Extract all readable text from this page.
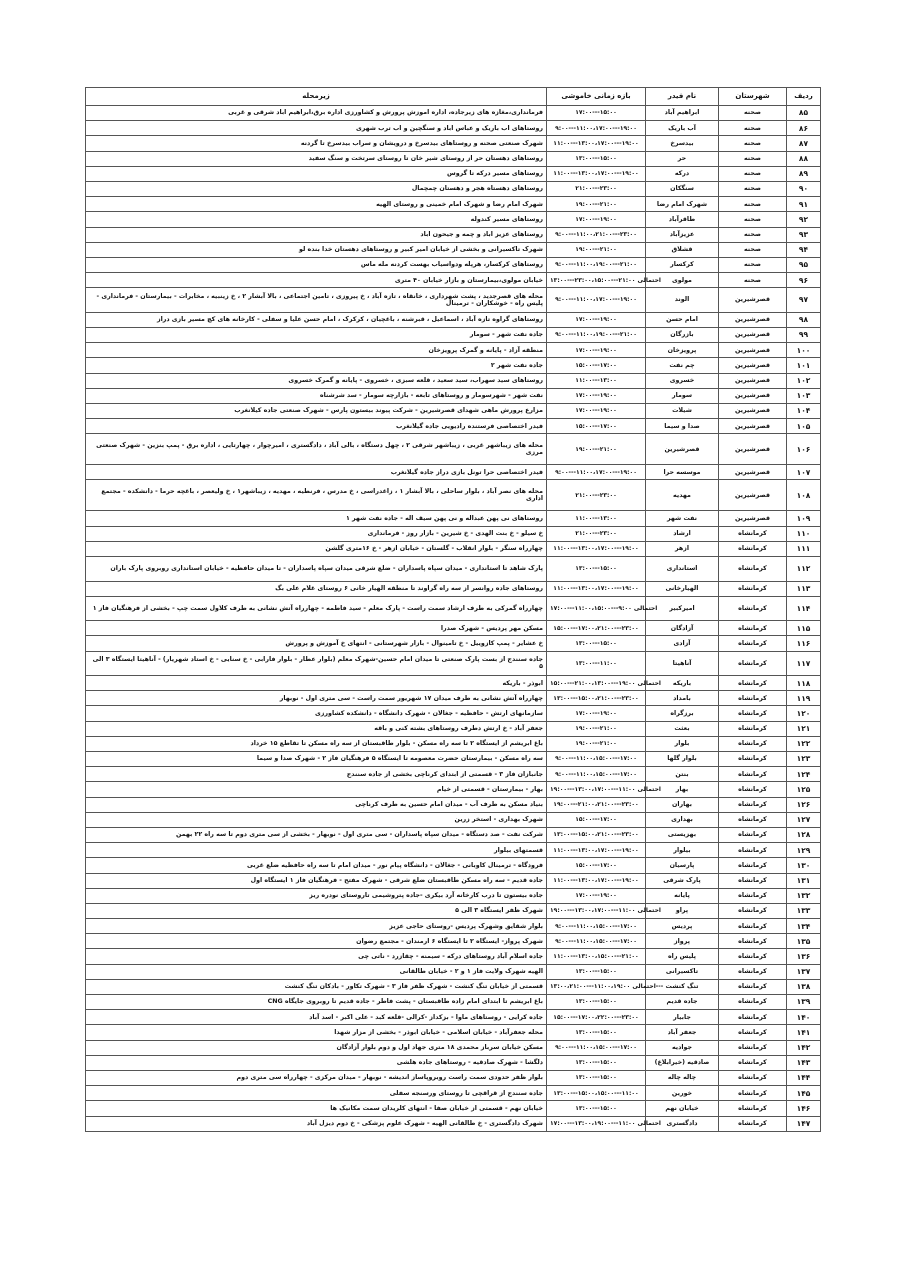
ردیف	شهرستان	نام فیدر	بازه زمانی خاموشی	زیرمحله
۸۵	صحنه	ابراهیم آباد	۱۷:۰۰---۱۵:۰۰	فرمانداری،مغازه های زیرجاده، اداره اموزش پرورش و کشاورزی اداره برق،ابراهیم اباد شرقی و غربی
۸۶	صحنه	آب باریک	۹:۰۰---۱۱:۰۰،۱۷:۰۰---۱۹:۰۰	روستاهای اب باریک و عباس اباد و سنگچین و اب ترب شهری
۸۷	صحنه	بیدسرخ	۱۱:۰۰---۱۳:۰۰،۱۷:۰۰---۱۹:۰۰	شهرک صنعتی صحنه و روستاهای بیدسرخ و درویشان و سراب بیدسرخ تا گردنه
۸۸	صحنه	حر	۱۳:۰۰---۱۵:۰۰	روستاهای دهستان حر از روستای شیر خان تا روستای سرتخت و سنگ سفید
۸۹	صحنه	درکه	۱۱:۰۰---۱۳:۰۰،۱۷:۰۰---۱۹:۰۰	روستاهای مسیر درکه تا گروس
۹۰	صحنه	سنگکان	۲۱:۰۰---۲۳:۰۰	روستاهای دهستاه هجر و دهستان چمچمال
۹۱	صحنه	شهرک امام رضا	۱۹:۰۰---۲۱:۰۰	شهرک امام رضا و شهرک امام خمینی و روستای الهیه
۹۲	صحنه	طاقرآباد	۱۷:۰۰---۱۹:۰۰	روستاهای مسیر کندوله
۹۳	صحنه	عزیزآباد	۹:۰۰---۱۱:۰۰،۲۱:۰۰---۲۳:۰۰	روستاهای عزیز اباد و چمه و جیحون اباد
۹۴	صحنه	قشلاق	۱۹:۰۰---۲۱:۰۰	شهرک تاکسیرانی و بخشی از خیابان امیر کبیر و روستاهای دهستان خدا بنده لو
۹۵	صحنه	کرکسار	۹:۰۰---۱۱:۰۰،۱۹:۰۰---۲۱:۰۰	روستاهای کرکسار، هرپله ودواسیاب بهست کردنه مله ماس
۹۶	صحنه	مولوی	احتمالی ۲۱:۰۰---۲۳:۰۰،۱۵:۰۰---۱۳:۰۰	خیابان مولوی،بیمارستان و بازار خیابان ۴۰ متری
۹۷	قصرشیرین	الوند	۹:۰۰---۱۱:۰۰،۱۷:۰۰---۱۹:۰۰	محله های قصرجدید ، پشت شهرداری ، خانقاه ، تازه آباد ، خ پیروزی ، تامین اجتماعی ، بالا آبشار ۲ ، خ زینبیه ، مخابرات - بیمارستان - فرمانداری - پلیس راه - خوشکاران - ترمینال
۹۸	قصرشیرین	امام حسن	۱۷:۰۰---۱۹:۰۰	روستاهای گراوه تازه آباد ، اسماعیل ، قبرشنه ، باغچیان ، کرکرک ، امام حسن علیا و سفلی - کارخانه های کچ مسیر بازی دراز
۹۹	قصرشیرین	بازرگان	۹:۰۰---۱۱:۰۰،۱۹:۰۰---۲۱:۰۰	جاده نفت شهر - سومار
۱۰۰	قصرشیرین	پرویزخان	۱۷:۰۰---۱۹:۰۰	منطقه آزاد - پایانه و گمرک پرویزخان
۱۰۱	قصرشیرین	چم نفت	۱۵:۰۰---۱۷:۰۰	جاده نفت شهر ۲
۱۰۲	قصرشیرین	خسروی	۱۱:۰۰---۱۳:۰۰	روستاهای سید سهراب، سید سعید ، قلعه سبزی ، خسروی - پایانه و گمرک خسروی
۱۰۳	قصرشیرین	سومار	۱۷:۰۰---۱۹:۰۰	نفت شهر - شهرسومار و روستاهای تابعه - بازارچه سومار - سد شرشناه
۱۰۴	قصرشیرین	شیلات	۱۷:۰۰---۱۹:۰۰	مزارع پرورش ماهی شهدای قصرشیرین - شرکت پیوند بیستون پارس - شهرک صنعتی جاده کیلانغرب
۱۰۵	قصرشیرین	صدا و سیما	۱۵:۰۰---۱۷:۰۰	فیدر اختصاصی فرستنده رادیویی جاده گیلانغرب
۱۰۶	قصرشیرین	قصرشیرین	۱۹:۰۰---۲۱:۰۰	محله های زیباشهر غربی ، زیباشهر شرقی ۲ ، چهل دستگاه ، بالی آباد ، دادگستری ، امیرچوار ، چهارتایی ، اداره برق - پمپ بنزین - شهرک صنعتی مرزی
۱۰۷	قصرشیرین	موسسه حرا	۹:۰۰---۱۱:۰۰،۱۷:۰۰---۱۹:۰۰	فیدر اختصاصی حرا تونل بازی دراز جاده گیلانغرب
۱۰۸	قصرشیرین	مهدیه	۲۱:۰۰---۲۳:۰۰	محله های نصر آباد ، بلوار ساحلی ، بالا آبشار ۱ ، زاغدراسی ، خ مدرس ، فرنطیه ، مهدیه ، زیباشهر۱ ، خ ولیعصر ، باغچه حرما - دانشکده - مجتمع اداری
۱۰۹	قصرشیرین	نفت شهر	۱۱:۰۰---۱۳:۰۰	روستاهای نی پهن عبداله و نی پهن سیف اله - جاده نفت شهر ۱
۱۱۰	کرمانشاه	ارشاد	۲۱:۰۰---۲۳:۰۰	خ سیلو - خ بنت الهدی - خ شیرین - بازار روز - فرمانداری
۱۱۱	کرمانشاه	ازهر	۱۱:۰۰---۱۳:۰۰،۱۷:۰۰---۱۹:۰۰	چهارراه سنگر - بلوار انقلاب - گلستان - خیابان ازهر - خ ۱۶متری گلشن
۱۱۲	کرمانشاه	استانداری	۱۳:۰۰---۱۵:۰۰	پارک شاهد تا استانداری - میدان سپاه پاسداران - ضلع شرقی میدان سپاه پاسداران - تا میدان حافظیه - خیابان استانداری روبروی پارک باران
۱۱۳	کرمانشاه	الهیارخانی	۱۱:۰۰---۱۳:۰۰،۱۷:۰۰---۱۹:۰۰	روستاهای جاده روانسر از سه راه گراوند تا منطقه الهیار خانی ۶ روستای غلام علی بگ
۱۱۴	کرمانشاه	امیرکبیر	احتمالی ۹:۰۰---۱۱:۰۰،۱۵:۰۰---۱۷:۰۰	چهارراه گمرکی به طرف ارشاد سمت راست - پارک معلم - سید فاطمه - چهارراه آتش نشانی به طرف کلاول سمت چپ - بخشی از فرهنگیان فاز ۱
۱۱۵	کرمانشاه	آزادگان	۱۵:۰۰---۱۷:۰۰،۲۱:۰۰---۲۳:۰۰	مسکن مهر پردیس - شهرک صدرا
۱۱۶	کرمانشاه	آزادی	۱۳:۰۰---۱۵:۰۰	خ عشایر - پمپ کازوییل - خ تامینوال - بازار شهرستانی - انتهای خ آموزش و پرورش
۱۱۷	کرمانشاه	آناهیتا	۱۳:۰۰---۱۱:۰۰	جاده سنندج از بست پارک صنعتی تا میدان امام حسین-شهرک معلم (بلوار عطار - بلوار فارابی - خ سنایی - خ استاد شهریار) - آناهیتا ایستگاه ۳ الی ۵
۱۱۸	کرمانشاه	باریکه	احتمالی ۱۹:۰۰---۲۱:۰۰،۱۳:۰۰---۱۵:۰۰	ابوذر - باریکه
۱۱۹	کرمانشاه	بامداد	۱۳:۰۰---۱۵:۰۰،۲۱:۰۰---۲۳:۰۰	چهارراه آتش نشانی به طرف میدان ۱۷ شهریور سمت راست - سی متری اول - نوبهار
۱۲۰	کرمانشاه	برزگراه	۱۷:۰۰---۱۹:۰۰	سازمانهای ارتش - حافظیه - جغالان - شهرک دانشگاه - دانشکده کشاورزی
۱۲۱	کرمانشاه	بعثت	۱۹:۰۰---۲۱:۰۰	جعفر آباد - خ ارتش دطرف روستاهای بشته کنی و باقه
۱۲۲	کرمانشاه	بلوار	۱۹:۰۰---۲۱:۰۰	باغ ابریشم از ایستگاه ۲ تا سه راه مسکن - بلوار طاقبستان از سه راه مسکن تا تقاطع ۱۵ خرداد
۱۲۳	کرمانشاه	بلوار گلها	۹:۰۰---۱۱:۰۰،۱۵:۰۰---۱۷:۰۰	سه راه مسکن - بیمارستان حضرت معصومه تا ایستگاه ۵ فرهنگیان فاز ۲ - شهرک صدا و سیما
۱۲۴	کرمانشاه	بنتن	۹:۰۰---۱۱:۰۰،۱۵:۰۰---۱۷:۰۰	جانبازان فاز ۳ - قسمتی از ابتدای کرناچی بخشی از جاده سنندج
۱۲۵	کرمانشاه	بهار	احتمالی ۱۱:۰۰---۱۳:۰۰،۱۷:۰۰---۱۹:۰۰	بهار - بیمارستان - قسمتی از خیام
۱۲۶	کرمانشاه	بهاران	۱۹:۰۰---۲۱:۰۰،۲۱:۰۰---۲۳:۰۰	بنیاد مسکن به طرف آب - میدان امام حسین به طرف کرناچی
۱۲۷	کرمانشاه	بهداری	۱۵:۰۰---۱۷:۰۰	شهرک بهداری - استخر زرین
۱۲۸	کرمانشاه	بهزیستی	۱۳:۰۰---۱۵:۰۰،۲۱:۰۰---۲۳:۰۰	شرکت نفت - صد دستگاه - میدان سپاه پاسداران - سی متری اول - نوبهار - بخشی از سی متری دوم تا سه راه ۲۲ بهمن
۱۲۹	کرمانشاه	بیلوار	۱۱:۰۰---۱۳:۰۰،۱۷:۰۰---۱۹:۰۰	قسمتهای بیلوار
۱۳۰	کرمانشاه	پارسیان	۱۵:۰۰---۱۷:۰۰	فرودگاه - ترمینال کاوبانی - جغالان - دانشگاه پیام نور - میدان امام تا سه راه حافظیه ضلع غربی
۱۳۱	کرمانشاه	پارک شرقی	۱۱:۰۰---۱۳:۰۰،۱۷:۰۰---۱۹:۰۰	جاده قدیم - سه راه مسکن طاقبستان ضلع شرقی - شهرک مفتح - فرهنگیان فاز ۱ ایستگاه اول
۱۳۲	کرمانشاه	پایانه	۱۷:۰۰---۱۹:۰۰	جاده بیستون تا درب کارخانه آرد بیکری -جاده پتروشیمی تاروستای نودره ریز
۱۳۳	کرمانشاه	پراو	احتمالی ۱۱:۰۰---۱۳:۰۰،۱۷:۰۰---۱۹:۰۰	شهرک ظفر ایستگاه ۳ الی ۵
۱۳۴	کرمانشاه	پردیس	۹:۰۰---۱۱:۰۰،۱۵:۰۰---۱۷:۰۰	بلوار شقایق وشهرک پردیس -روستای حاجی عزیز
۱۳۵	کرمانشاه	پرواز	۹:۰۰---۱۱:۰۰،۱۵:۰۰---۱۷:۰۰	شهرک پرواز- ایستگاه ۲ تا ایستگاه ۶ ارمندان - مجتمع رضوان
۱۳۶	کرمانشاه	پلیس راه	۱۱:۰۰---۱۳:۰۰،۱۵:۰۰---۲۱:۰۰	جاده اسلام آباد روستاهای درکه - سیمنه - چقازرد - ناتی چی
۱۳۷	کرمانشاه	تاکسیرانی	۱۳:۰۰---۱۵:۰۰	الهیه شهرک ولایت فاز ۱ و ۲ - خیابان طالقانی
۱۳۸	کرمانشاه	تنگ کنشت	احتمالی ۱۱:۰۰،۱۹:۰۰---۱۳:۰۰،۲۱:۰۰---	قسمتی از خیابان تنگ کنشت - شهرک ظفر فاز ۳ - شهرک تکاور - بادکان تنگ کنشت
۱۳۹	کرمانشاه	جاده قدیم	۱۳:۰۰---۱۵:۰۰	باغ ابریشم تا ابتدای امام زاده طاقبستان - پشت فاطر - جاده قدیم تا روبروی جایگاه CNG
۱۴۰	کرمانشاه	جابیار	۱۵:۰۰---۱۷:۰۰،۲۲:۰۰---۲۳:۰۰	جاده کرایی - روستاهای ماوا - بزکداز -کرالی -قلعه کبد - علی اکبر - اسد آباد
۱۴۱	کرمانشاه	جعفر آباد	۱۳:۰۰---۱۵:۰۰	محله جعفرآباد - خیابان اسلامی - خیابان ابوذر - بخشی از مزار شهدا
۱۴۲	کرمانشاه	جوادیه	۹:۰۰---۱۱:۰۰،۱۵:۰۰---۱۷:۰۰	مسکن خیابان سرباز محمدی ۱۸ متری جهاد اول و دوم بلوار آزادگان
۱۴۳	کرمانشاه	صادقیه (خیرابلاغ)	۱۳:۰۰---۱۵:۰۰	دلگشا - شهرک صادقیه - روستاهای جاده هلشی
۱۴۴	کرمانشاه	چاله چاله	۱۳:۰۰---۱۵:۰۰	بلوار ظفر حدودی سمت راست روبروپاساز اندیشه - نوبهار - میدان مرکزی - چهارراه سی متری دوم
۱۴۵	کرمانشاه	خورین	۱۳:۰۰---۱۵:۰۰،۱۵:۰۰---۱۱:۰۰	جاده سنندج از قراقچی تا روستای ورسنجه سفلی
۱۴۶	کرمانشاه	خیابان نهم	۱۳:۰۰---۱۵:۰۰	خیابان نهم - قسمتی از خیابان صفا - انتهای کلریدان سمت مکانیک ها
۱۴۷	کرمانشاه	دادگستری	احتمالی ۱۱:۰۰---۱۳:۰۰،۱۹:۰۰---۱۷:۰۰	شهرک دادگستری - خ طالقانی الهیه - شهرک علوم پزشکی - خ دوم دیزل آباد
